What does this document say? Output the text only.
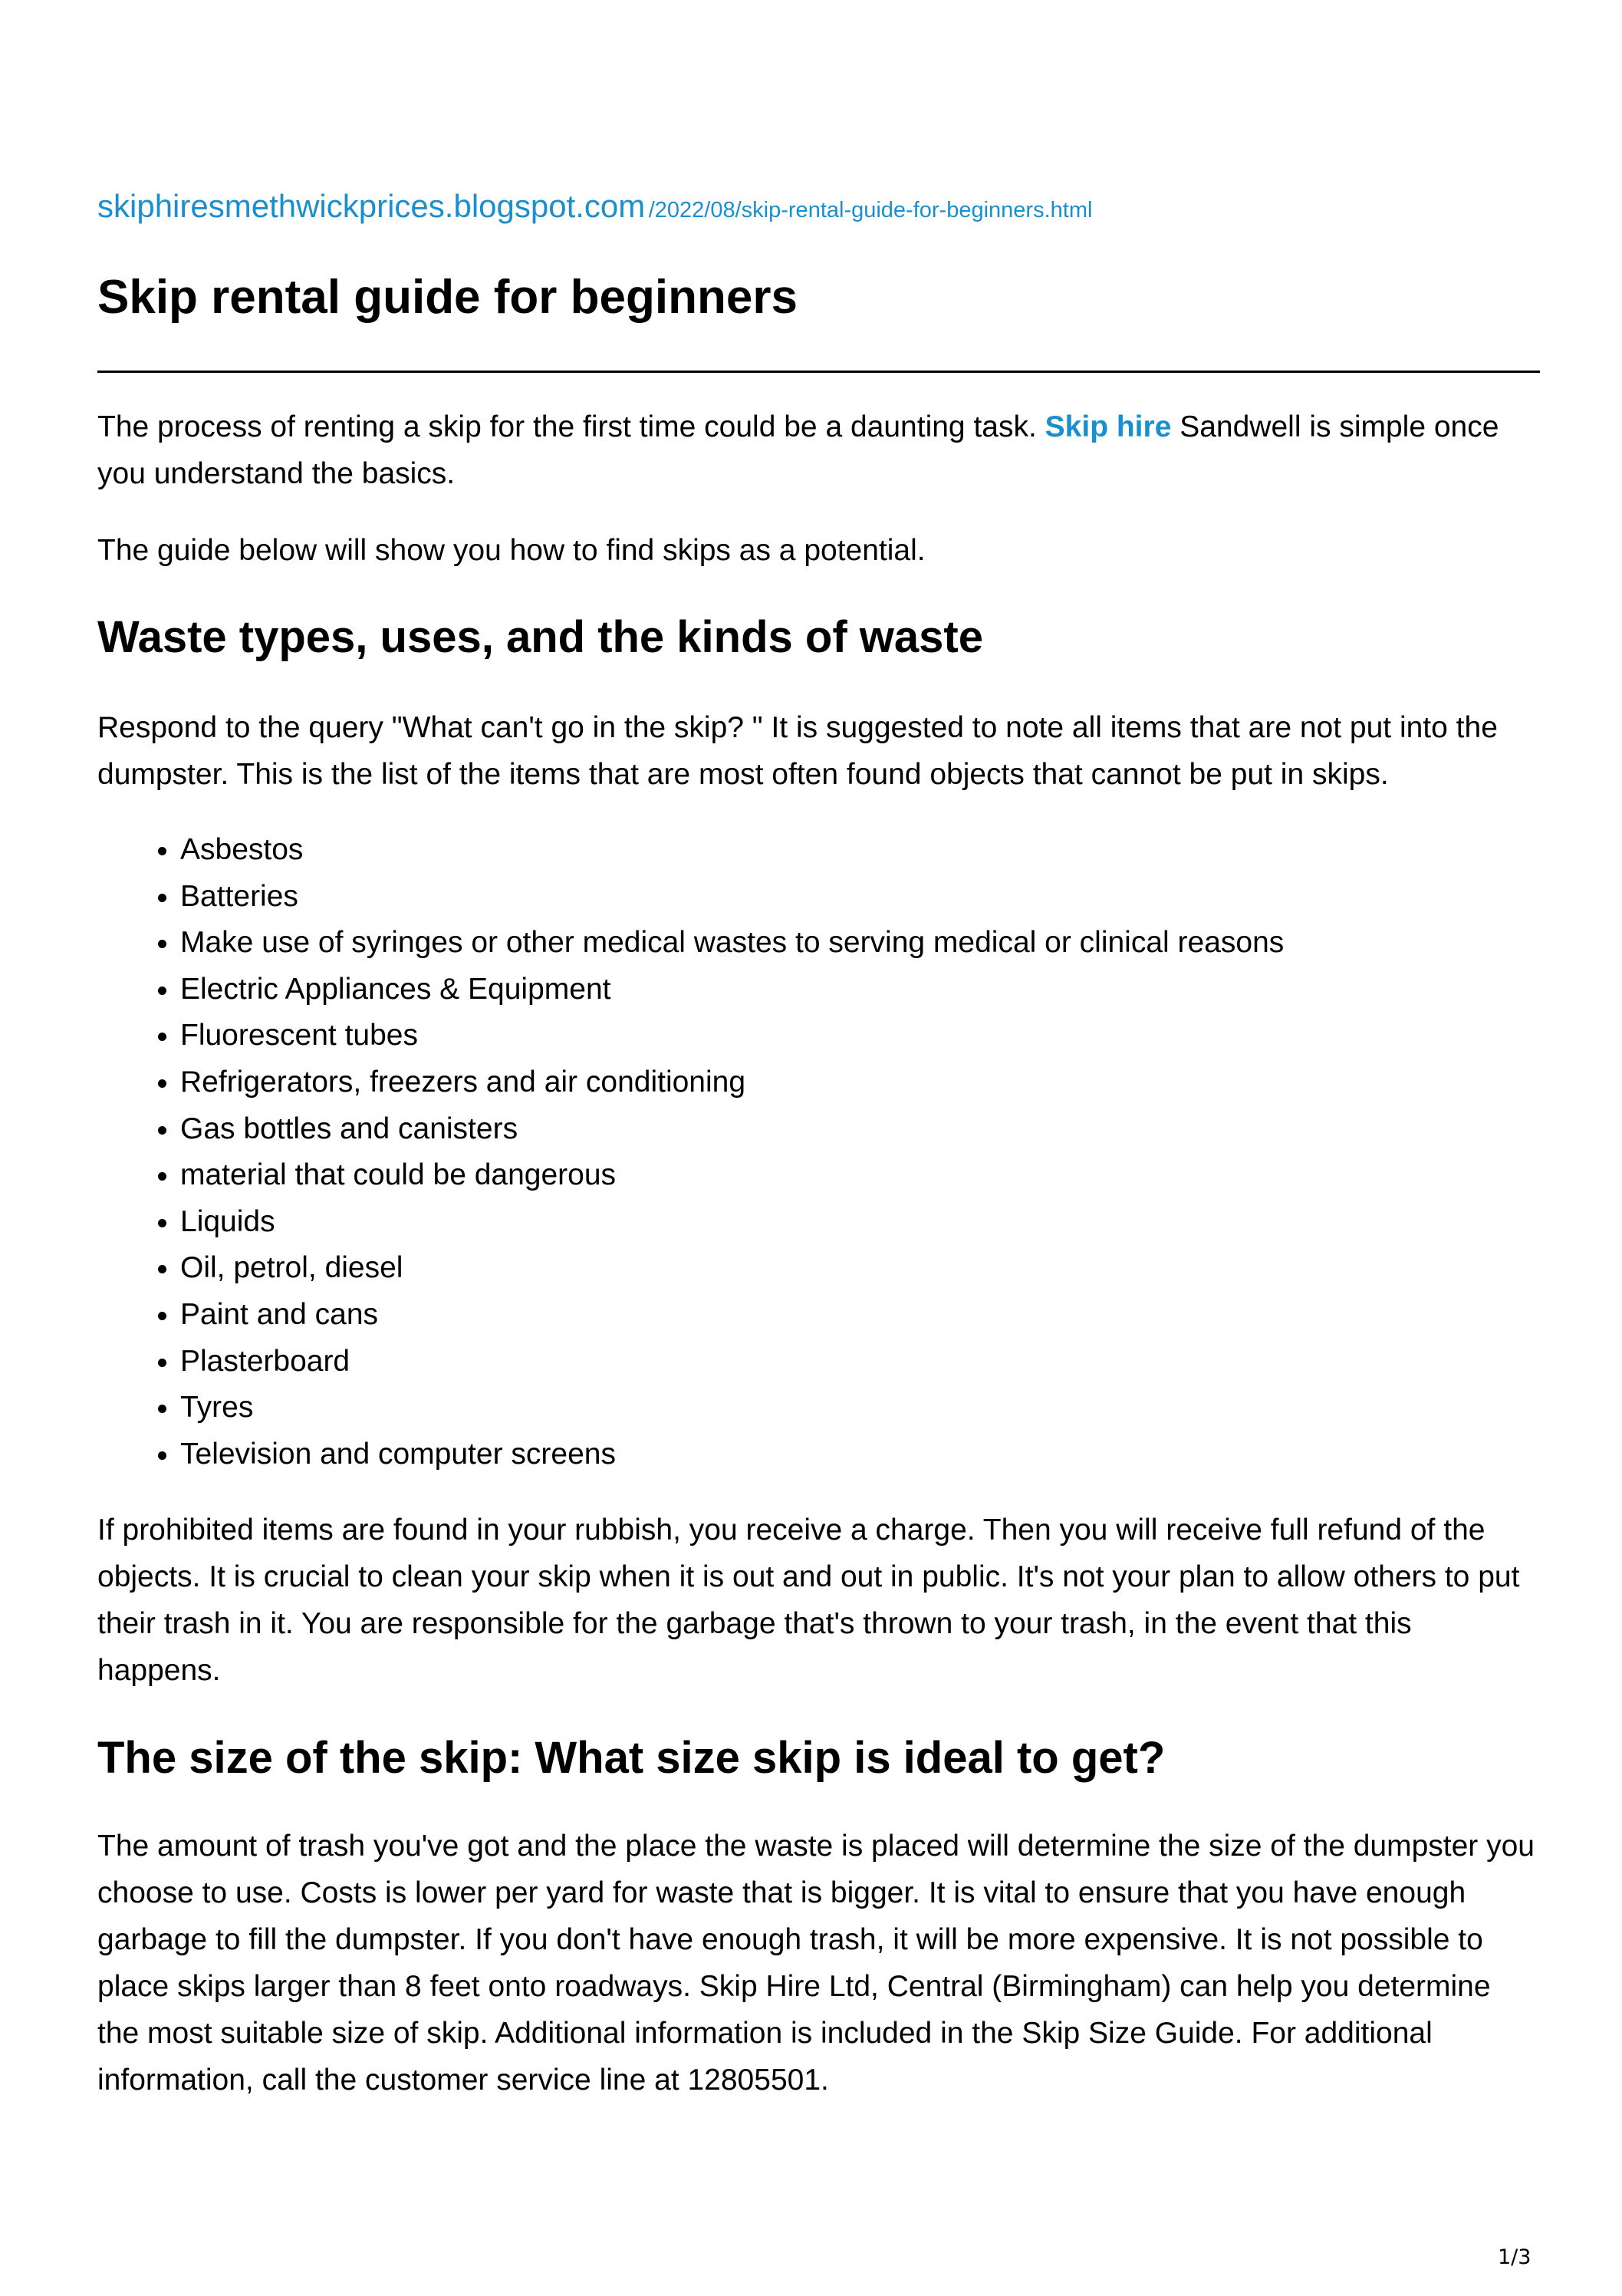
skiphiresmethwickprices.blogspot.com /2022/08/skip-rental-guide-for-beginners.html
Skip rental guide for beginners

The process of renting a skip for the first time could be a daunting task. Skip hire Sandwell is simple once you understand the basics.

The guide below will show you how to find skips as a potential.

Waste types, uses, and the kinds of waste

Respond to the query "What can't go in the skip? " It is suggested to note all items that are not put into the dumpster. This is the list of the items that are most often found objects that cannot be put in skips.

• Asbestos
• Batteries
• Make use of syringes or other medical wastes to serving medical or clinical reasons
• Electric Appliances & Equipment
• Fluorescent tubes
• Refrigerators, freezers and air conditioning
• Gas bottles and canisters
• material that could be dangerous
• Liquids
• Oil, petrol, diesel
• Paint and cans
• Plasterboard
• Tyres
• Television and computer screens

If prohibited items are found in your rubbish, you receive a charge. Then you will receive full refund of the objects. It is crucial to clean your skip when it is out and out in public. It's not your plan to allow others to put their trash in it. You are responsible for the garbage that's thrown to your trash, in the event that this happens.

The size of the skip: What size skip is ideal to get?

The amount of trash you've got and the place the waste is placed will determine the size of the dumpster you choose to use. Costs is lower per yard for waste that is bigger. It is vital to ensure that you have enough garbage to fill the dumpster. If you don't have enough trash, it will be more expensive. It is not possible to place skips larger than 8 feet onto roadways. Skip Hire Ltd, Central (Birmingham) can help you determine the most suitable size of skip. Additional information is included in the Skip Size Guide. For additional information, call the customer service line at 12805501.

1/3
